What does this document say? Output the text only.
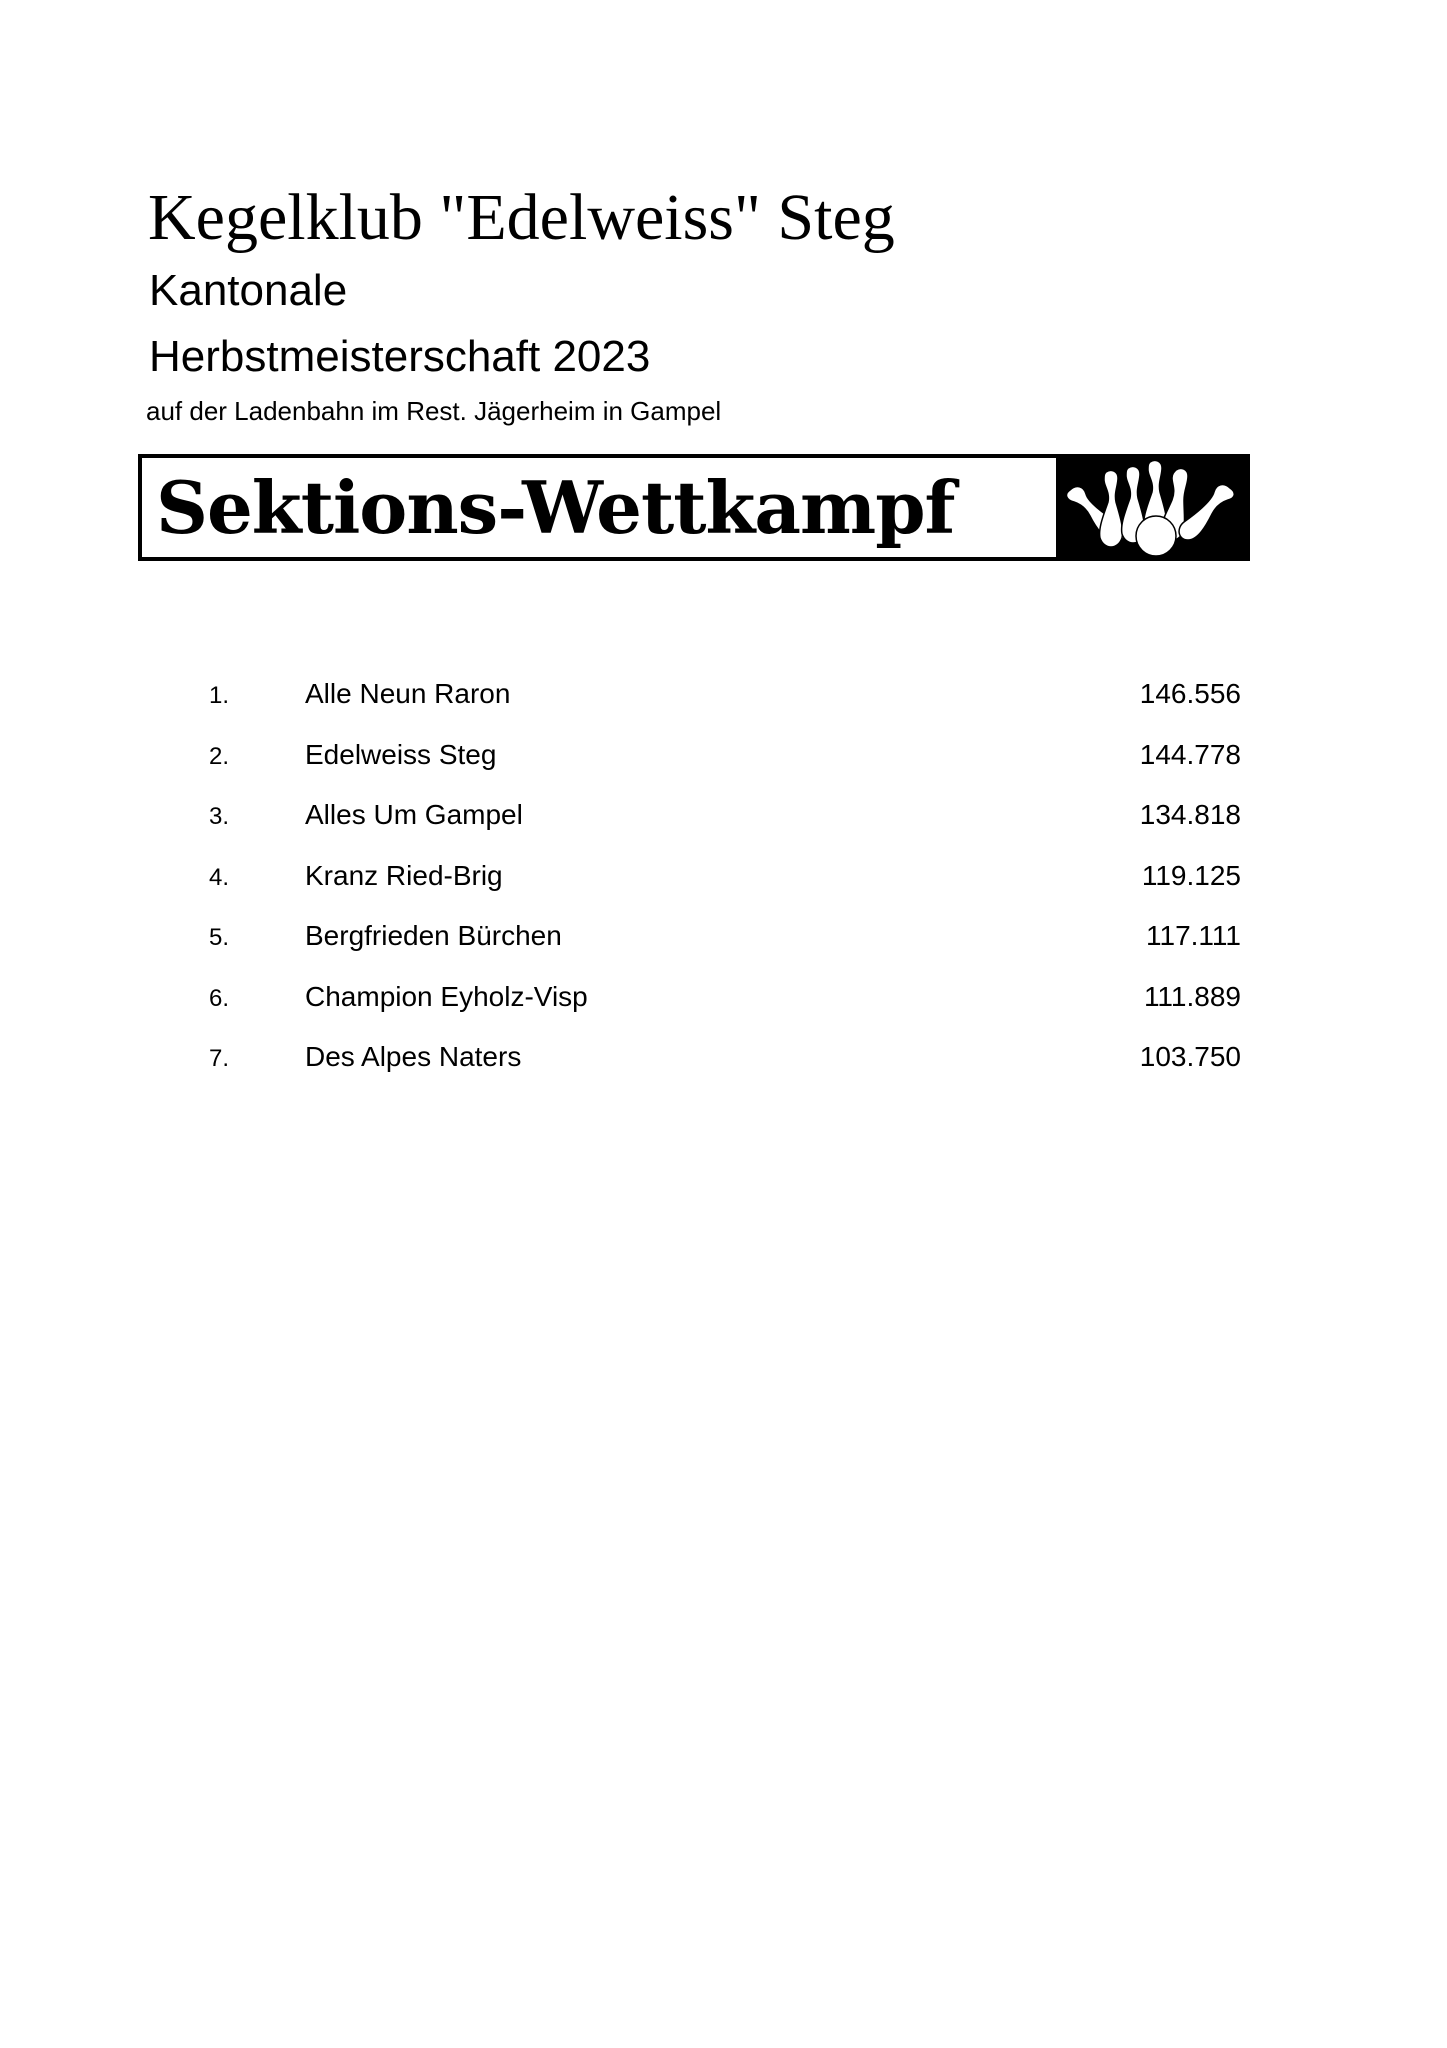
Kegelklub "Edelweiss" Steg
Kantonale
Herbstmeisterschaft 2023
auf der Ladenbahn im Rest. Jägerheim in Gampel
Sektions-Wettkampf
1.	Alle Neun Raron	146.556
2.	Edelweiss Steg	144.778
3.	Alles Um Gampel	134.818
4.	Kranz Ried-Brig	119.125
5.	Bergfrieden Bürchen	117.111
6.	Champion Eyholz-Visp	111.889
7.	Des Alpes Naters	103.750
